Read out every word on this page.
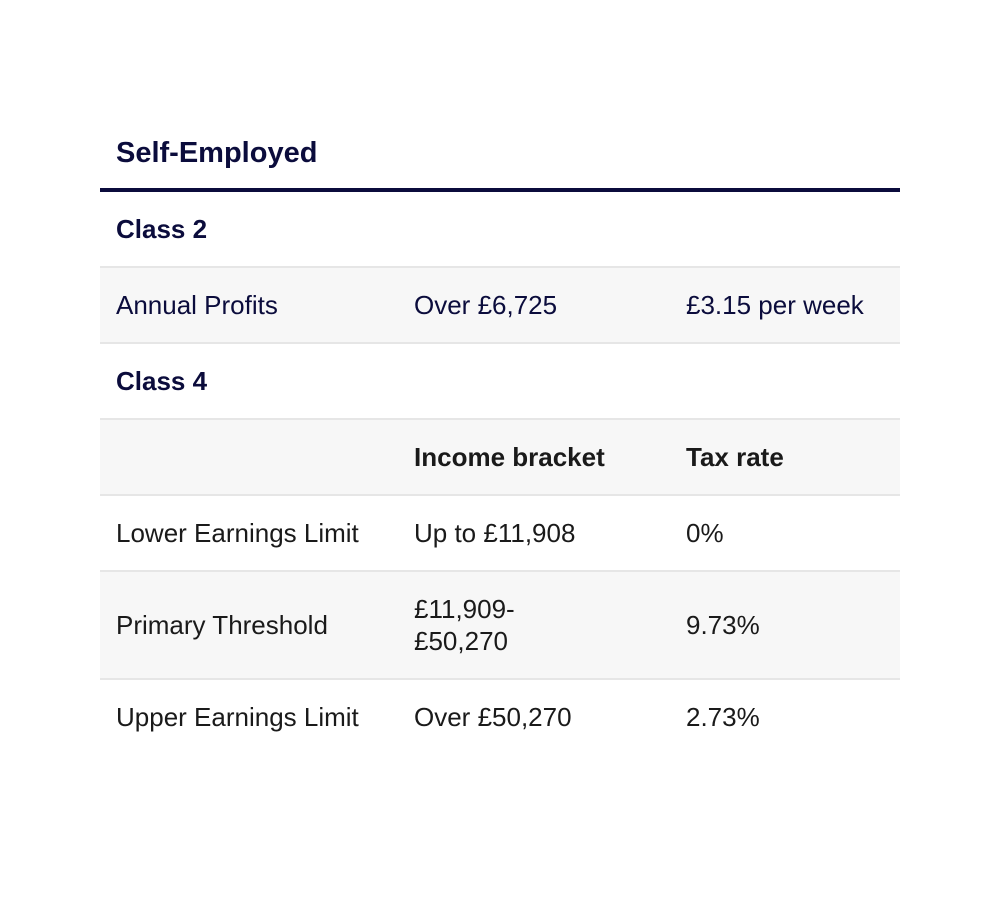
Self-Employed		
Class 2		
Annual Profits	Over £6,725	£3.15 per week
Class 4		
	Income bracket	Tax rate
Lower Earnings Limit	Up to £11,908	0%
Primary Threshold	£11,909-£50,270	9.73%
Upper Earnings Limit	Over £50,270	2.73%
